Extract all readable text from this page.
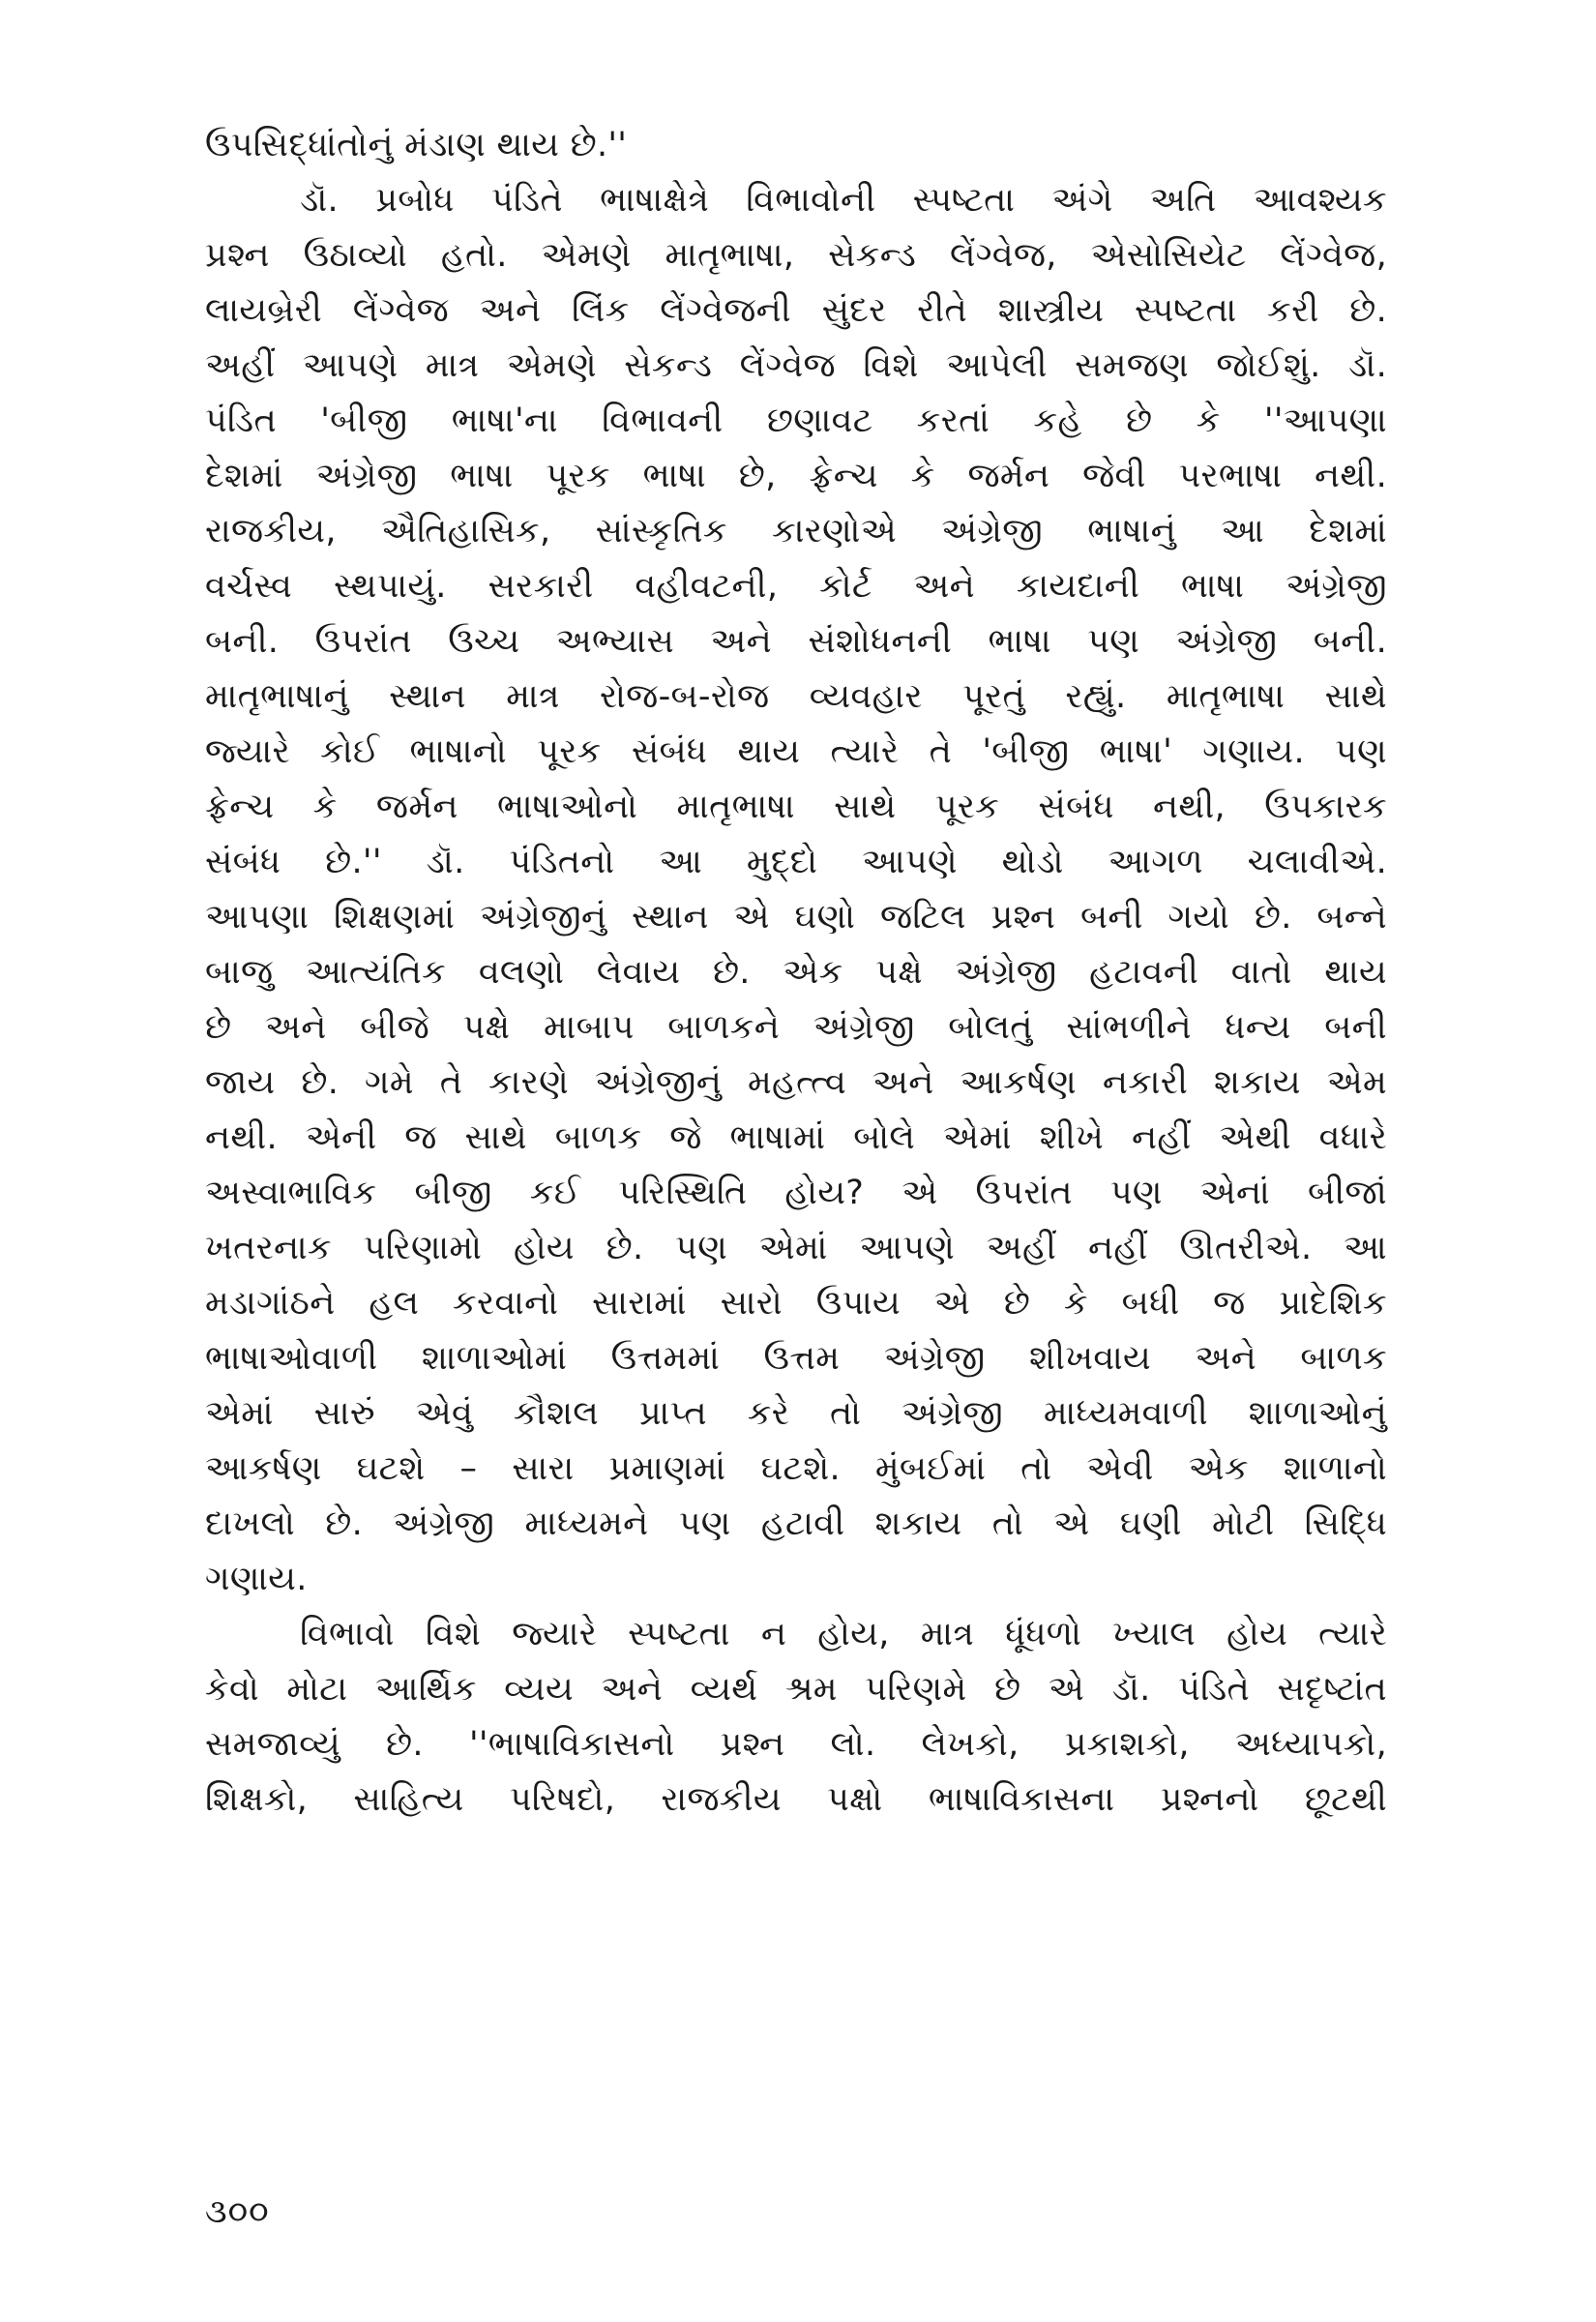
ઉપસિદ્ધાંતોનું મંડાણ થાય છે.''
ડૉ. પ્રબોધ પંડિતે ભાષાક્ષેત્રે વિભાવોની સ્પષ્ટતા અંગે અતિ આવશ્યક
પ્રશ્ન ઉઠાવ્યો હતો. એમણે માતૃભાષા, સેકન્ડ લેંગ્વેજ, એસોસિયેટ લેંગ્વેજ,
લાયબ્રેરી લેંગ્વેજ અને લિંક લેંગ્વેજની સુંદર રીતે શાસ્ત્રીય સ્પષ્ટતા કરી છે.
અહીં આપણે માત્ર એમણે સેકન્ડ લેંગ્વેજ વિશે આપેલી સમજણ જોઈશું. ડૉ.
પંડિત 'બીજી ભાષા'ના વિભાવની છણાવટ કરતાં કહે છે કે ''આપણા
દેશમાં અંગ્રેજી ભાષા પૂરક ભાષા છે, ફ્રેન્ચ કે જર્મન જેવી પરભાષા નથી.
રાજકીય, ઐતિહાસિક, સાંસ્કૃતિક કારણોએ અંગ્રેજી ભાષાનું આ દેશમાં
વર્ચસ્વ સ્થપાયું. સરકારી વહીવટની, કોર્ટ અને કાયદાની ભાષા અંગ્રેજી
બની. ઉપરાંત ઉચ્ચ અભ્યાસ અને સંશોધનની ભાષા પણ અંગ્રેજી બની.
માતૃભાષાનું સ્થાન માત્ર રોજ-બ-રોજ વ્યવહાર પૂરતું રહ્યું. માતૃભાષા સાથે
જ્યારે કોઈ ભાષાનો પૂરક સંબંધ થાય ત્યારે તે 'બીજી ભાષા' ગણાય. પણ
ફ્રેન્ચ કે જર્મન ભાષાઓનો માતૃભાષા સાથે પૂરક સંબંધ નથી, ઉપકારક
સંબંધ છે.'' ડૉ. પંડિતનો આ મુદ્દો આપણે થોડો આગળ ચલાવીએ.
આપણા શિક્ષણમાં અંગ્રેજીનું સ્થાન એ ઘણો જટિલ પ્રશ્ન બની ગયો છે. બન્ને
બાજુ આત્યંતિક વલણો લેવાય છે. એક પક્ષે અંગ્રેજી હટાવની વાતો થાય
છે અને બીજે પક્ષે માબાપ બાળકને અંગ્રેજી બોલતું સાંભળીને ધન્ય બની
જાય છે. ગમે તે કારણે અંગ્રેજીનું મહત્ત્વ અને આકર્ષણ નકારી શકાય એમ
નથી. એની જ સાથે બાળક જે ભાષામાં બોલે એમાં શીખે નહીં એથી વધારે
અસ્વાભાવિક બીજી કઈ પરિસ્થિતિ હોય? એ ઉપરાંત પણ એનાં બીજાં
ખતરનાક પરિણામો હોય છે. પણ એમાં આપણે અહીં નહીં ઊતરીએ. આ
મડાગાંઠને હલ કરવાનો સારામાં સારો ઉપાય એ છે કે બધી જ પ્રાદેશિક
ભાષાઓવાળી શાળાઓમાં ઉત્તમમાં ઉત્તમ અંગ્રેજી શીખવાય અને બાળક
એમાં સારું એવું કૌશલ પ્રાપ્ત કરે તો અંગ્રેજી માધ્યમવાળી શાળાઓનું
આકર્ષણ ઘટશે – સારા પ્રમાણમાં ઘટશે. મુંબઈમાં તો એવી એક શાળાનો
દાખલો છે. અંગ્રેજી માધ્યમને પણ હટાવી શકાય તો એ ઘણી મોટી સિદ્ધિ
ગણાય.
વિભાવો વિશે જ્યારે સ્પષ્ટતા ન હોય, માત્ર ધૂંધળો ખ્યાલ હોય ત્યારે
કેવો મોટા આર્થિક વ્યય અને વ્યર્થ શ્રમ પરિણમે છે એ ડૉ. પંડિતે સદૃષ્ટાંત
સમજાવ્યું છે. ''ભાષાવિકાસનો પ્રશ્ન લો. લેખકો, પ્રકાશકો, અધ્યાપકો,
શિક્ષકો, સાહિત્ય પરિષદો, રાજકીય પક્ષો ભાષાવિકાસના પ્રશ્નનો છૂટથી
૩૦૦
